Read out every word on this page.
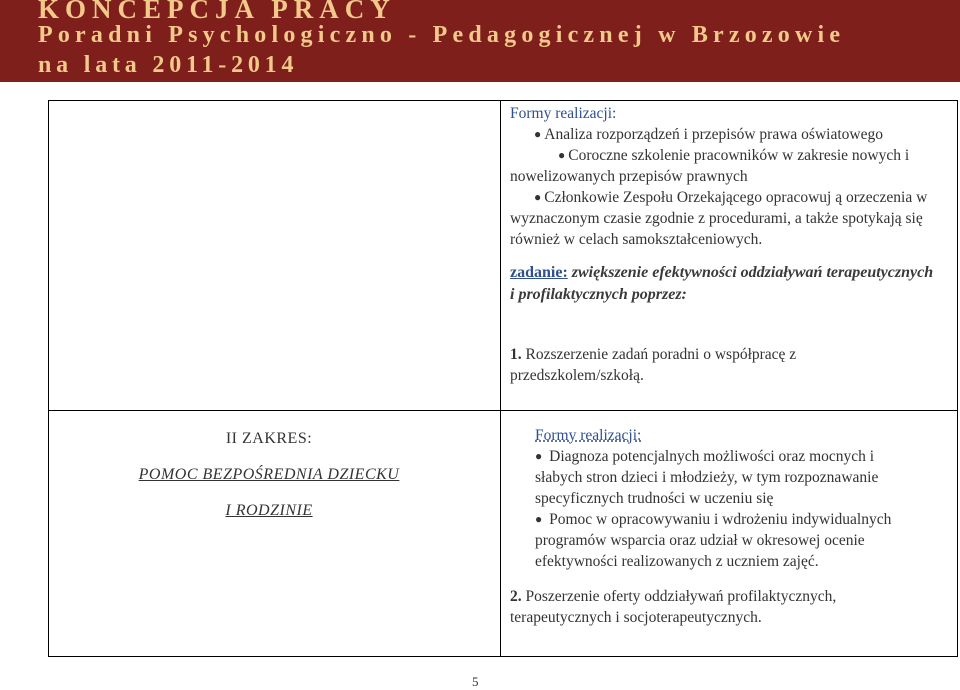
KONCEPCJA PRACY

Poradni Psychologiczno - Pedagogicznej w Brzozowie

na lata 2011-2014

Formy realizacji:
● Analiza rozporządzeń i przepisów prawa oświatowego
● Coroczne szkolenie pracowników w zakresie nowych i nowelizowanych przepisów prawnych
● Członkowie Zespołu Orzekającego opracowuj ą orzeczenia w wyznaczonym czasie zgodnie z procedurami, a także spotykają się również w celach samokształceniowych.
zadanie: zwiększenie efektywności oddziaływań terapeutycznych i profilaktycznych poprzez:
1. Rozszerzenie zadań poradni o współpracę z przedszkolem/szkołą.
II ZAKRES:
POMOC BEZPOŚREDNIA DZIECKU
I RODZINIE
Formy realizacji:
● Diagnoza potencjalnych możliwości oraz mocnych i słabych stron dzieci i młodzieży, w tym rozpoznawanie specyficznych trudności w uczeniu się
● Pomoc w opracowywaniu i wdrożeniu indywidualnych programów wsparcia oraz udział w okresowej ocenie efektywności realizowanych z uczniem zajęć.
2. Poszerzenie oferty oddziaływań profilaktycznych, terapeutycznych i socjoterapeutycznych.
5
